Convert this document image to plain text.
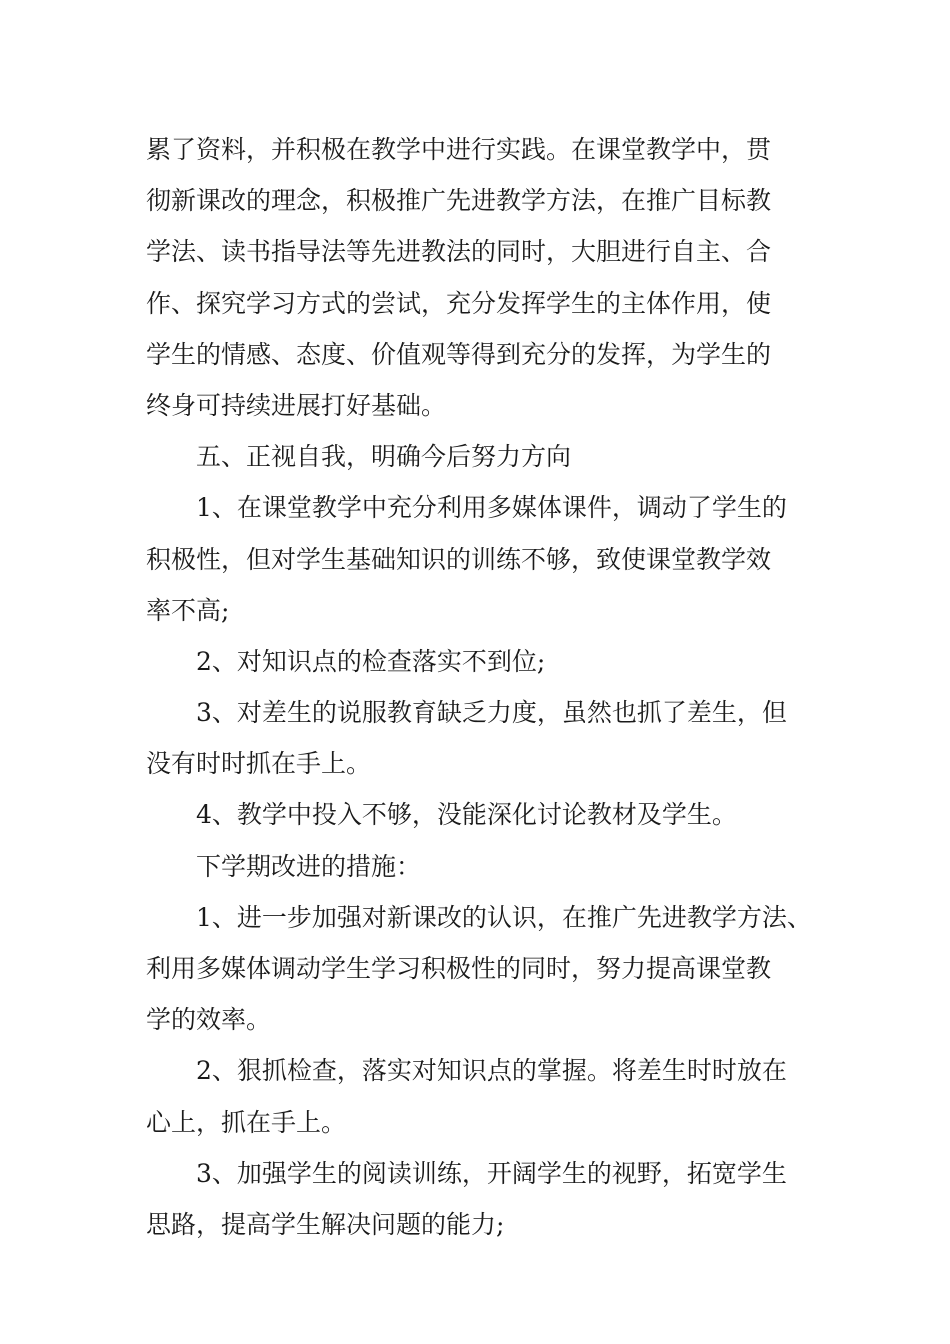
累了资料，并积极在教学中进行实践。在课堂教学中，贯
彻新课改的理念，积极推广先进教学方法，在推广目标教
学法、读书指导法等先进教法的同时，大胆进行自主、合
作、探究学习方式的尝试，充分发挥学生的主体作用，使
学生的情感、态度、价值观等得到充分的发挥，为学生的
终身可持续进展打好基础。
五、正视自我，明确今后努力方向
1、在课堂教学中充分利用多媒体课件，调动了学生的
积极性，但对学生基础知识的训练不够，致使课堂教学效
率不高;
2、对知识点的检查落实不到位;
3、对差生的说服教育缺乏力度，虽然也抓了差生，但
没有时时抓在手上。
4、教学中投入不够，没能深化讨论教材及学生。
下学期改进的措施：
1、进一步加强对新课改的认识，在推广先进教学方法、
利用多媒体调动学生学习积极性的同时，努力提高课堂教
学的效率。
2、狠抓检查，落实对知识点的掌握。将差生时时放在
心上，抓在手上。
3、加强学生的阅读训练，开阔学生的视野，拓宽学生
思路，提高学生解决问题的能力;
